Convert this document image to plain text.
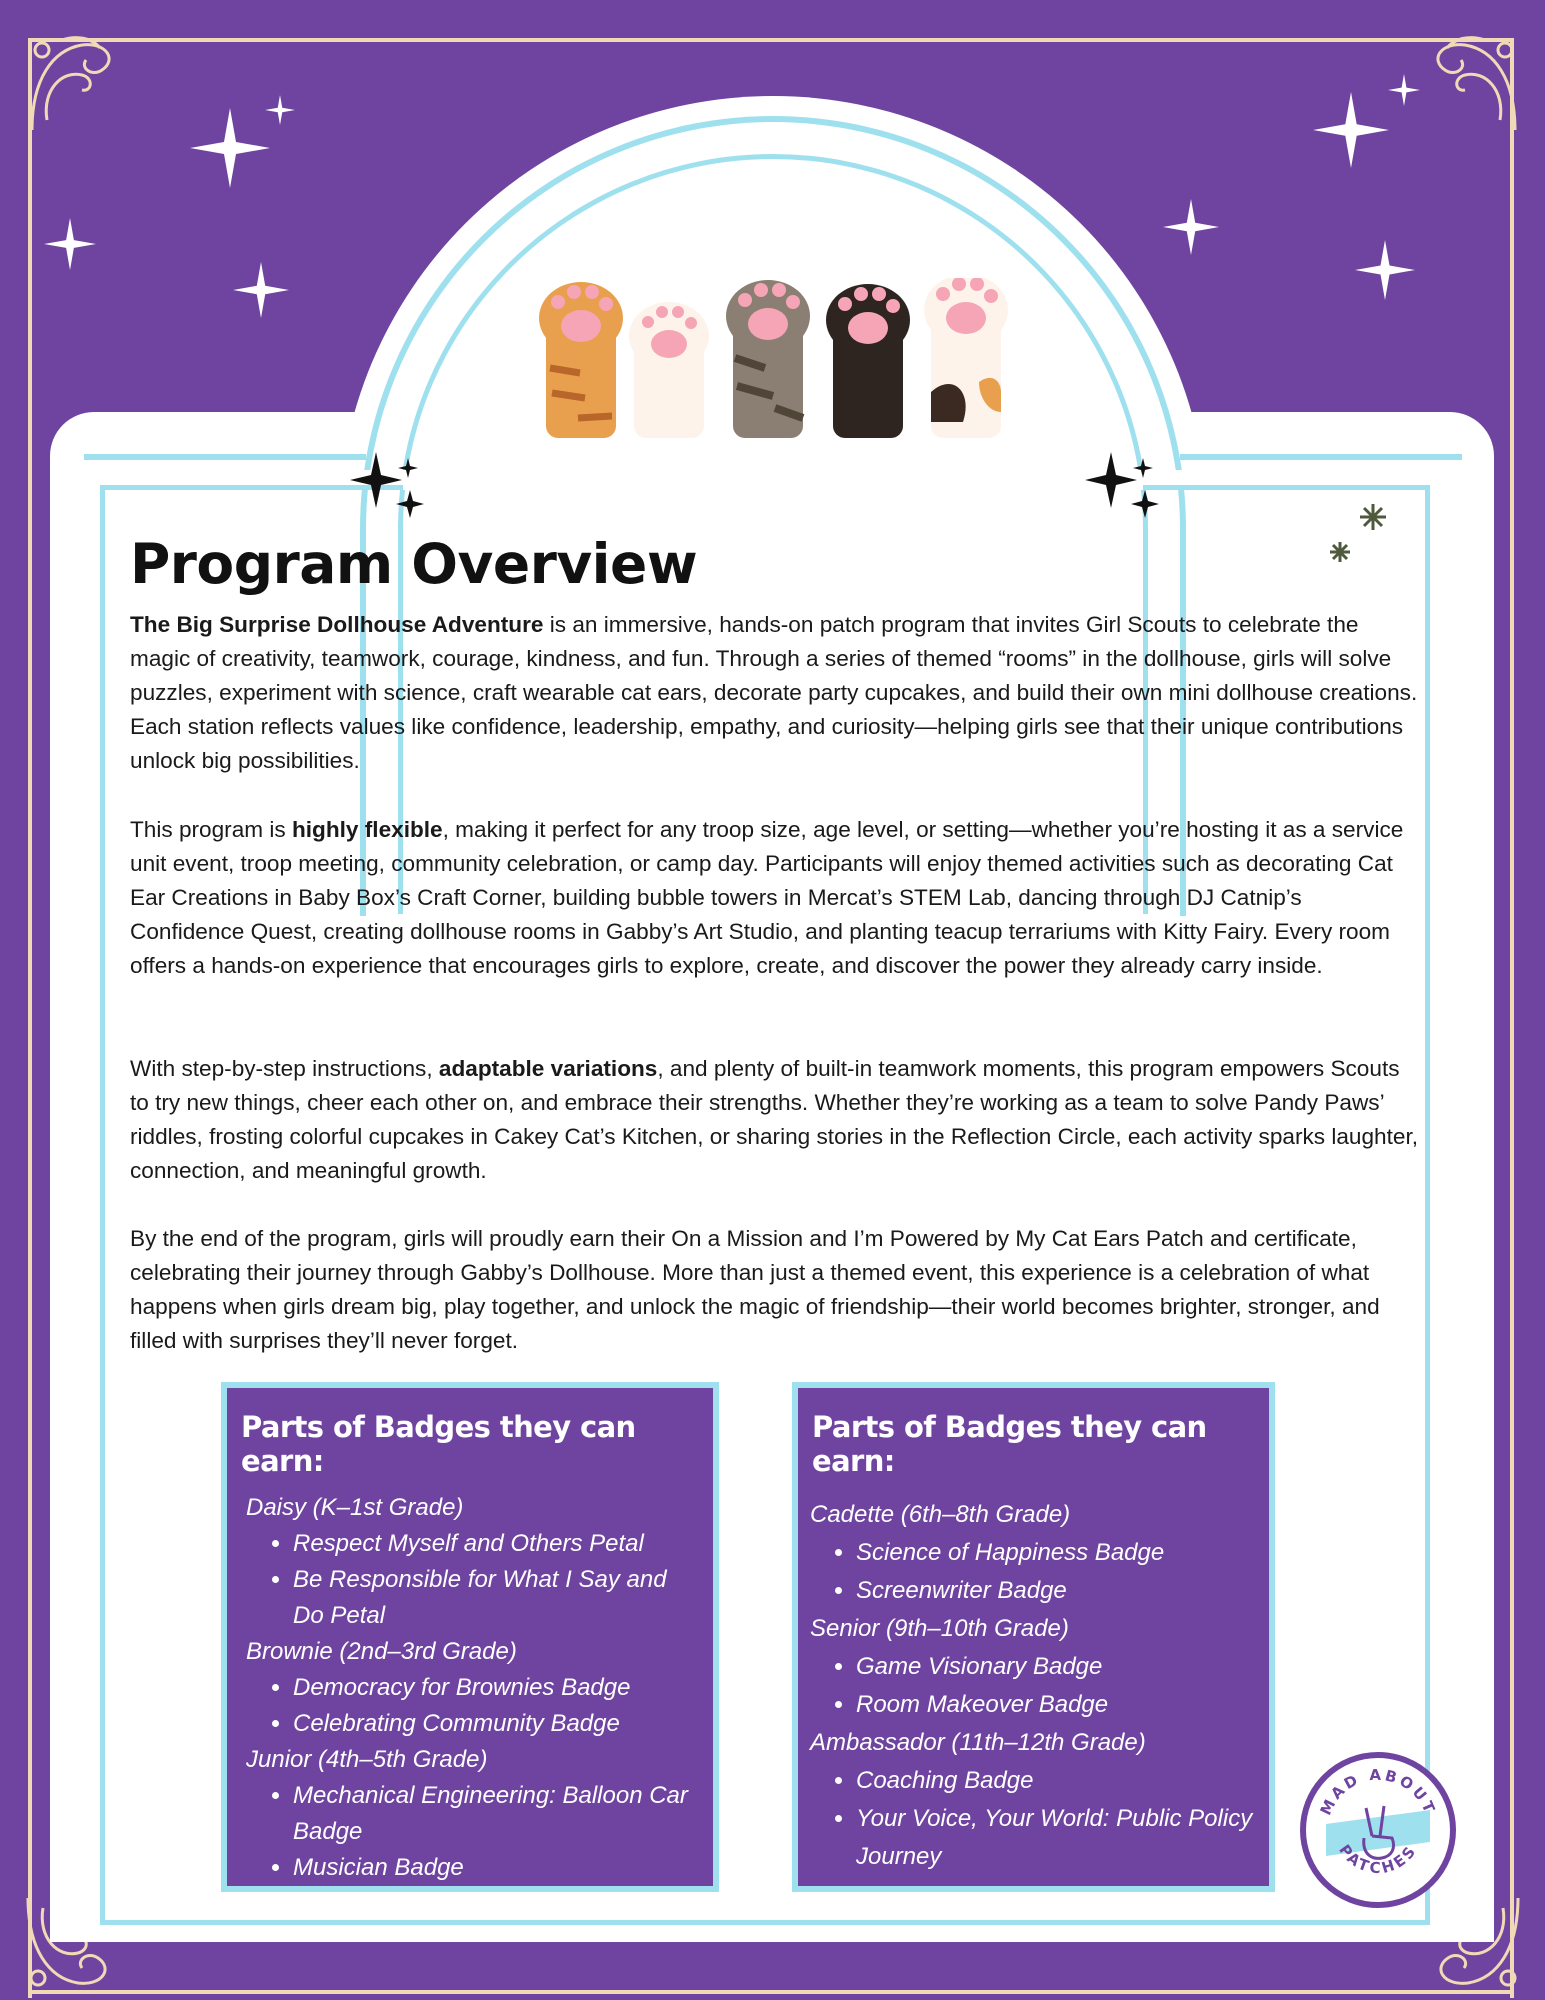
Program Overview

The Big Surprise Dollhouse Adventure is an immersive, hands-on patch program that invites Girl Scouts to celebrate the magic of creativity, teamwork, courage, kindness, and fun. Through a series of themed “rooms” in the dollhouse, girls will solve puzzles, experiment with science, craft wearable cat ears, decorate party cupcakes, and build their own mini dollhouse creations. Each station reflects values like confidence, leadership, empathy, and curiosity—helping girls see that their unique contributions unlock big possibilities.

This program is highly flexible, making it perfect for any troop size, age level, or setting—whether you’re hosting it as a service unit event, troop meeting, community celebration, or camp day. Participants will enjoy themed activities such as decorating Cat Ear Creations in Baby Box’s Craft Corner, building bubble towers in Mercat’s STEM Lab, dancing through DJ Catnip’s Confidence Quest, creating dollhouse rooms in Gabby’s Art Studio, and planting teacup terrariums with Kitty Fairy. Every room offers a hands-on experience that encourages girls to explore, create, and discover the power they already carry inside.

With step-by-step instructions, adaptable variations, and plenty of built-in teamwork moments, this program empowers Scouts to try new things, cheer each other on, and embrace their strengths. Whether they’re working as a team to solve Pandy Paws’ riddles, frosting colorful cupcakes in Cakey Cat’s Kitchen, or sharing stories in the Reflection Circle, each activity sparks laughter, connection, and meaningful growth.

By the end of the program, girls will proudly earn their On a Mission and I’m Powered by My Cat Ears Patch and certificate, celebrating their journey through Gabby’s Dollhouse. More than just a themed event, this experience is a celebration of what happens when girls dream big, play together, and unlock the magic of friendship—their world becomes brighter, stronger, and filled with surprises they’ll never forget.

Parts of Badges they can earn:

Daisy (K–1st Grade)

• Respect Myself and Others Petal
• Be Responsible for What I Say and Do Petal

Brownie (2nd–3rd Grade)

• Democracy for Brownies Badge
• Celebrating Community Badge

Junior (4th–5th Grade)

• Mechanical Engineering: Balloon Car Badge
• Musician Badge
Parts of Badges they can earn:

Cadette (6th–8th Grade)

• Science of Happiness Badge
• Screenwriter Badge

Senior (9th–10th Grade)

• Game Visionary Badge
• Room Makeover Badge

Ambassador (11th–12th Grade)

• Coaching Badge
• Your Voice, Your World: Public Policy Journey
MAD ABOUT
PATCHES
